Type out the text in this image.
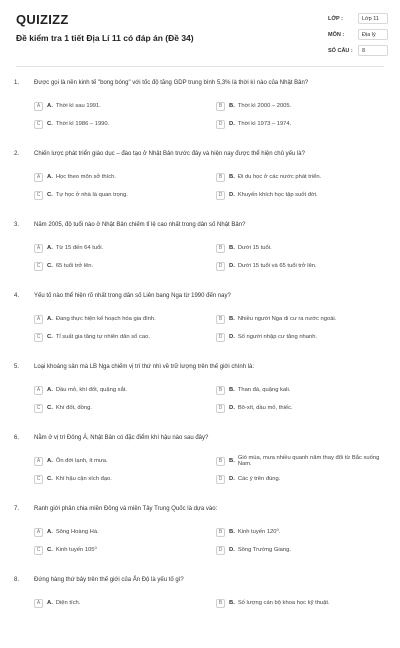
QUIZIZZ
Đề kiểm tra 1 tiết Địa Lí 11 có đáp án (Đề 34)
LỚP :	Lớp 11
MÔN :	Địa lý
SỐ CÂU :	8
1.	Được gọi là nền kinh tế "bong bóng" với tốc độ tăng GDP trung bình 5,3% là thời kì nào của Nhật Bản?
A	A . Thời kì sau 1991.	B	B . Thời kì 2000 – 2005.
C	C . Thời kì 1986 – 1990.	D	D . Thời kì 1973 – 1974.
2.	Chiến lược phát triển giáo dục – đào tạo ở Nhật Bản trước đây và hiện nay được thể hiện chủ yếu là?
A	A . Học theo môn sở thích.	B	B . Đi du học ở các nước phát triển.
C	C . Tự học ở nhà là quan trọng.	D	D . Khuyến khích học tập suốt đời.
3.	Năm 2005, độ tuổi nào ở Nhật Bản chiếm tỉ lệ cao nhất trong dân số Nhật Bản?
A	A . Từ 15 đến 64 tuổi.	B	B . Dưới 15 tuổi.
C	C . 65 tuổi trở lên.	D	D . Dưới 15 tuổi và 65 tuổi trở lên.
4.	Yếu tố nào thể hiện rõ nhất trong dân số Liên bang Nga từ 1990 đến nay?
A	A . Đang thực hiện kế hoạch hóa gia đình.	B	B . Nhiều người Nga di cư ra nước ngoài.
C	C . Tỉ suất gia tăng tự nhiên dân số cao.	D	D . Số người nhập cư tăng nhanh.
5.	Loại khoáng sản mà LB Nga chiếm vị trí thứ nhì về trữ lượng trên thế giới chính là:
A	A . Dầu mỏ, khí đốt, quặng sắt.	B	B . Than đá, quặng kali.
C	C . Khí đốt, đồng.	D	D . Bô-xít, dầu mỏ, thiếc.
6.	Nằm ở vị trí Đông Á, Nhật Bản có đặc điểm khí hậu nào sau đây?
A	A . Ôn đới lạnh, ít mưa.	B	B . Gió mùa, mưa nhiều quanh năm thay đổi từ Bắc xuống Nam.
C	C . Khí hậu cận xích đạo.	D	D . Các ý trên đúng.
7.	Ranh giới phân chia miền Đông và miền Tây Trung Quốc là dựa vào:
A	A . Sông Hoàng Hà.	B	B . Kinh tuyến 120⁰.
C	C . Kinh tuyến 105⁰	D	D . Sông Trường Giang.
8.	Đứng hàng thứ bảy trên thế giới của Ấn Độ là yếu tố gì?
A	A . Diện tích.	B	B . Số lượng cán bộ khoa học kỹ thuật.
